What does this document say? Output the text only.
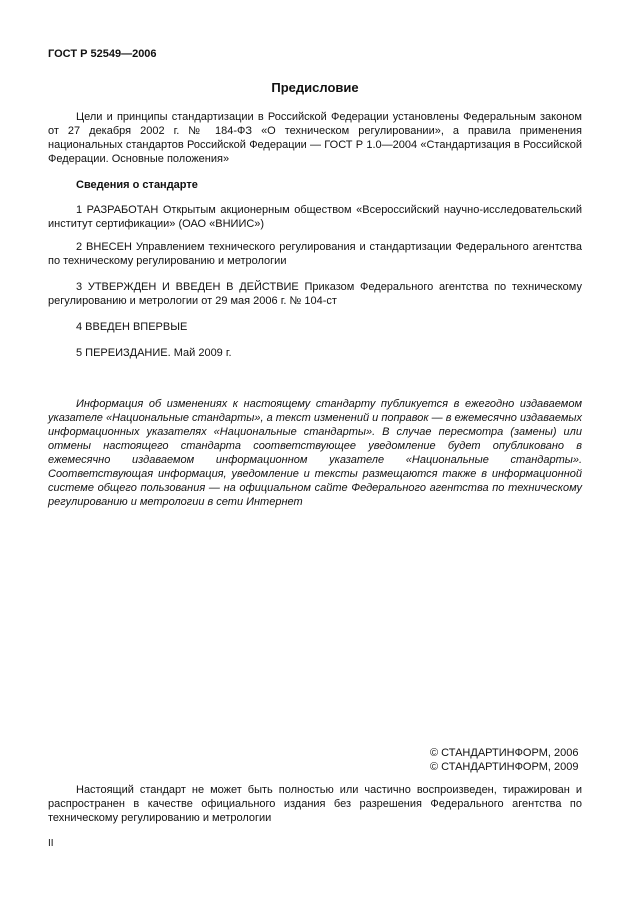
ГОСТ Р 52549—2006
Предисловие
Цели и принципы стандартизации в Российской Федерации установлены Федеральным законом от 27 декабря 2002 г. № 184-ФЗ «О техническом регулировании», а правила применения национальных стандартов Российской Федерации — ГОСТ Р 1.0—2004 «Стандартизация в Российской Федерации. Основные положения»
Сведения о стандарте
1 РАЗРАБОТАН Открытым акционерным обществом «Всероссийский научно-исследовательский институт сертификации» (ОАО «ВНИИС»)
2 ВНЕСЕН Управлением технического регулирования и стандартизации Федерального агентства по техническому регулированию и метрологии
3 УТВЕРЖДЕН И ВВЕДЕН В ДЕЙСТВИЕ Приказом Федерального агентства по техническому регулированию и метрологии от 29 мая 2006 г. № 104-ст
4 ВВЕДЕН ВПЕРВЫЕ
5 ПЕРЕИЗДАНИЕ. Май 2009 г.
Информация об изменениях к настоящему стандарту публикуется в ежегодно издаваемом указателе «Национальные стандарты», а текст изменений и поправок — в ежемесячно издаваемых информационных указателях «Национальные стандарты». В случае пересмотра (замены) или отмены настоящего стандарта соответствующее уведомление будет опубликовано в ежемесячно издаваемом информационном указателе «Национальные стандарты». Соответствующая информация, уведомление и тексты размещаются также в информационной системе общего пользования — на официальном сайте Федерального агентства по техническому регулированию и метрологии в сети Интернет
© СТАНДАРТИНФОРМ, 2006
© СТАНДАРТИНФОРМ, 2009
Настоящий стандарт не может быть полностью или частично воспроизведен, тиражирован и распространен в качестве официального издания без разрешения Федерального агентства по техническому регулированию и метрологии
II
